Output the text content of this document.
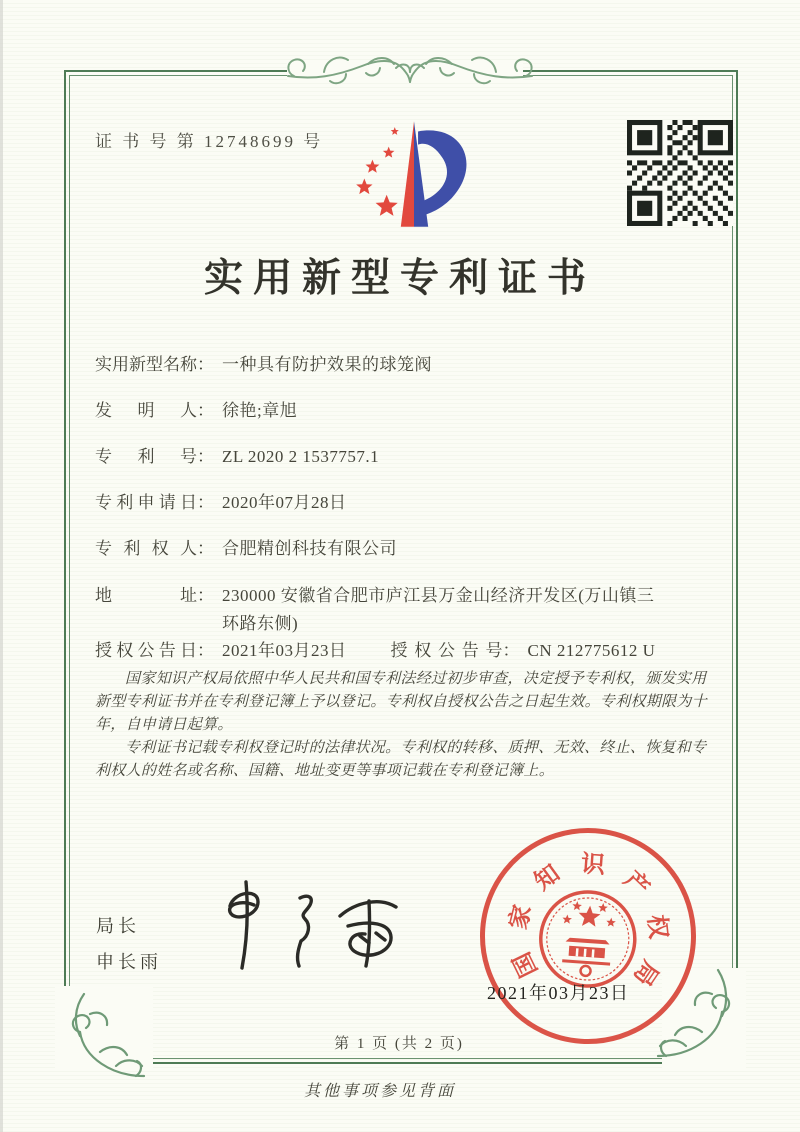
证 书 号 第 12748699 号
实用新型专利证书
实用新型名称： 一种具有防护效果的球笼阀
发明人： 徐艳;章旭
专利号： ZL 2020 2 1537757.1
专利申请日： 2020年07月28日
专利权人： 合肥精创科技有限公司
地址： 230000 安徽省合肥市庐江县万金山经济开发区(万山镇三环路东侧)
授权公告日： 2021年03月23日	授权公告号： CN 212775612 U

国家知识产权局依照中华人民共和国专利法经过初步审查，决定授予专利权，颁发实用新型专利证书并在专利登记簿上予以登记。专利权自授权公告之日起生效。专利权期限为十年，自申请日起算。

专利证书记载专利权登记时的法律状况。专利权的转移、质押、无效、终止、恢复和专利权人的姓名或名称、国籍、地址变更等事项记载在专利登记簿上。

局长
申长雨	国
家
知 识
产
权
局
2021年03月23日
第 1 页 (共 2 页)
其他事项参见背面
